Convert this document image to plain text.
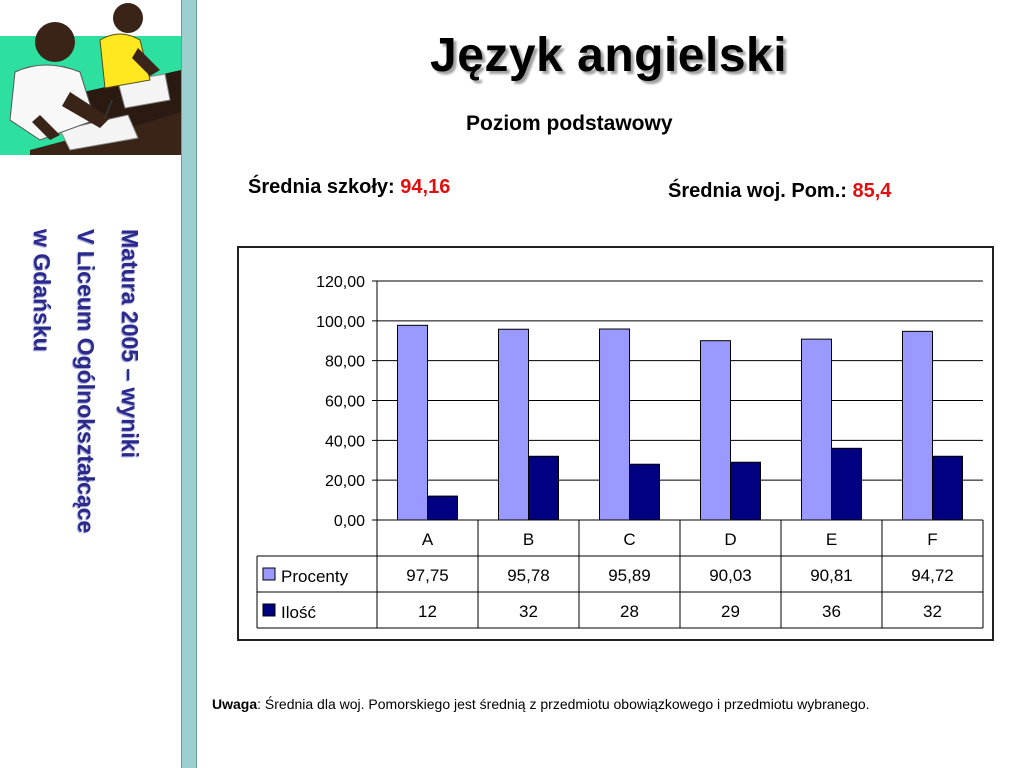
Matura 2005 – wyniki
V Liceum Ogólnokształcące
w Gdańsku
Język angielski
Poziom podstawowy
Średnia szkoły: 94,16	Średnia woj. Pom.: 85,4
0,00
20,00
40,00
60,00
80,00
100,00
120,00
A	B	C	D	E	F
Procenty	97,75	95,78	95,89	90,03	90,81	94,72
Ilość	12	32	28	29	36	32
Uwaga: Średnia dla woj. Pomorskiego jest średnią z przedmiotu obowiązkowego i przedmiotu wybranego.
